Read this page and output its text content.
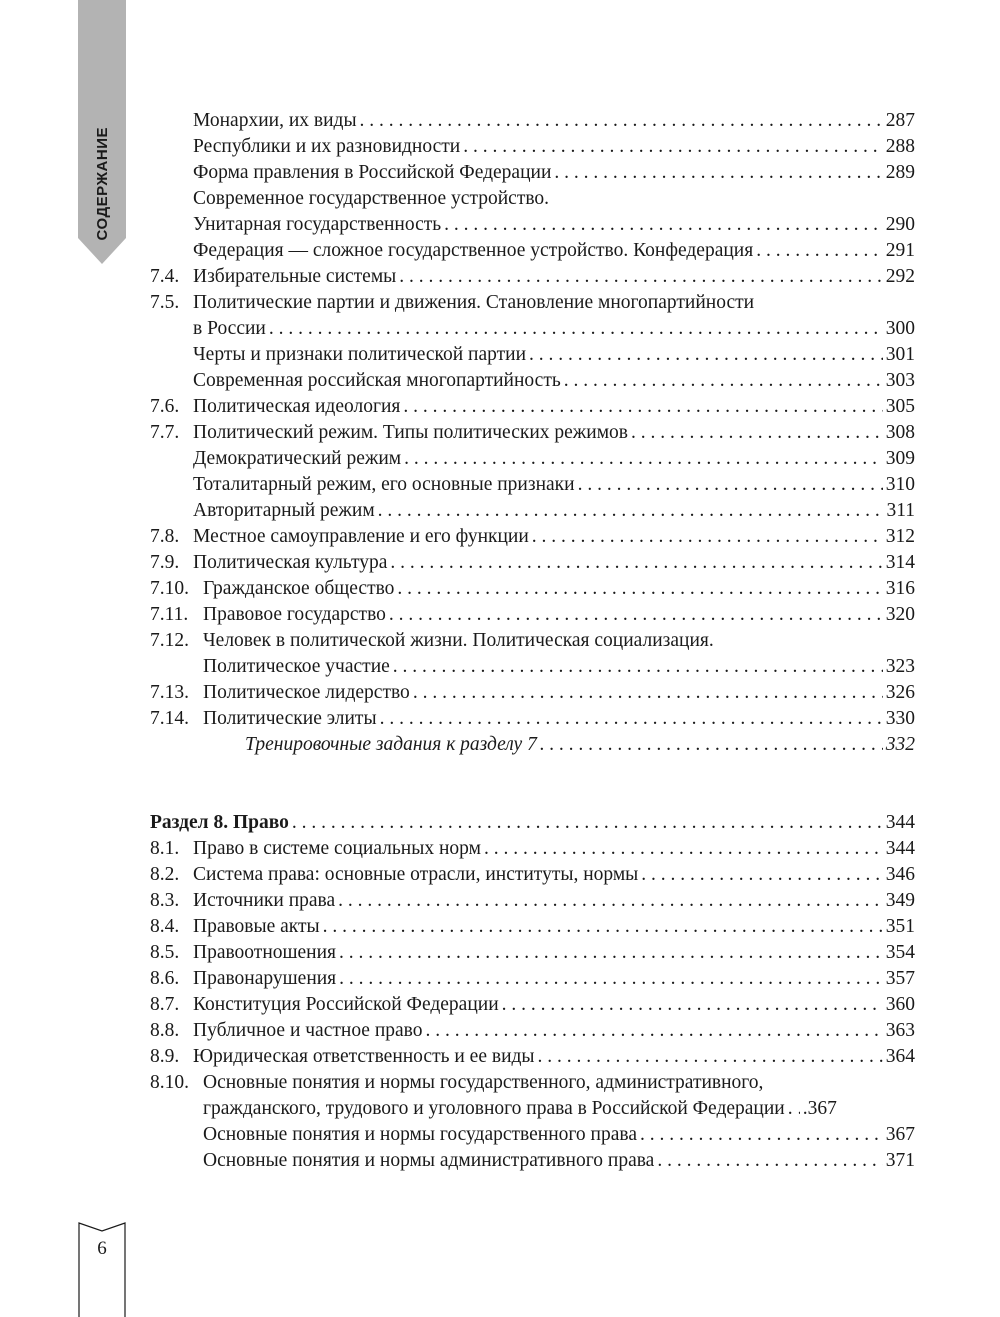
СОДЕРЖАНИЕ
Монархии, их виды . . .	287
Республики и их разновидности . . .	288
Форма правления в Российской Федерации . . .	289
Современное государственное устройство.
Унитарная государственность . . .	290
Федерация — сложное государственное устройство. Конфедерация . . .	291
7.4. Избирательные системы . . .	292
7.5. Политические партии и движения. Становление многопартийности
в России . . .	300
Черты и признаки политической партии . . .	301
Современная российская многопартийность . . .	303
7.6. Политическая идеология . . .	305
7.7. Политический режим. Типы политических режимов . . .	308
Демократический режим . . .	309
Тоталитарный режим, его основные признаки . . .	310
Авторитарный режим . . .	311
7.8. Местное самоуправление и его функции . . .	312
7.9. Политическая культура . . .	314
7.10. Гражданское общество . . .	316
7.11. Правовое государство . . .	320
7.12. Человек в политической жизни. Политическая социализация.
Политическое участие . . .	323
7.13. Политическое лидерство . . .	326
7.14. Политические элиты . . .	330
Тренировочные задания к разделу 7 . . .	332
Раздел 8. Право . . .	344
8.1. Право в системе социальных норм . . .	344
8.2. Система права: основные отрасли, институты, нормы . . .	346
8.3. Источники права . . .	349
8.4. Правовые акты . . .	351
8.5. Правоотношения . . .	354
8.6. Правонарушения . . .	357
8.7. Конституция Российской Федерации . . .	360
8.8. Публичное и частное право . . .	363
8.9. Юридическая ответственность и ее виды . . .	364
8.10. Основные понятия и нормы государственного, административного,
гражданского, трудового и уголовного права в Российской Федерации . . . .367
Основные понятия и нормы государственного права . . .	367
Основные понятия и нормы административного права . . .	371
6
